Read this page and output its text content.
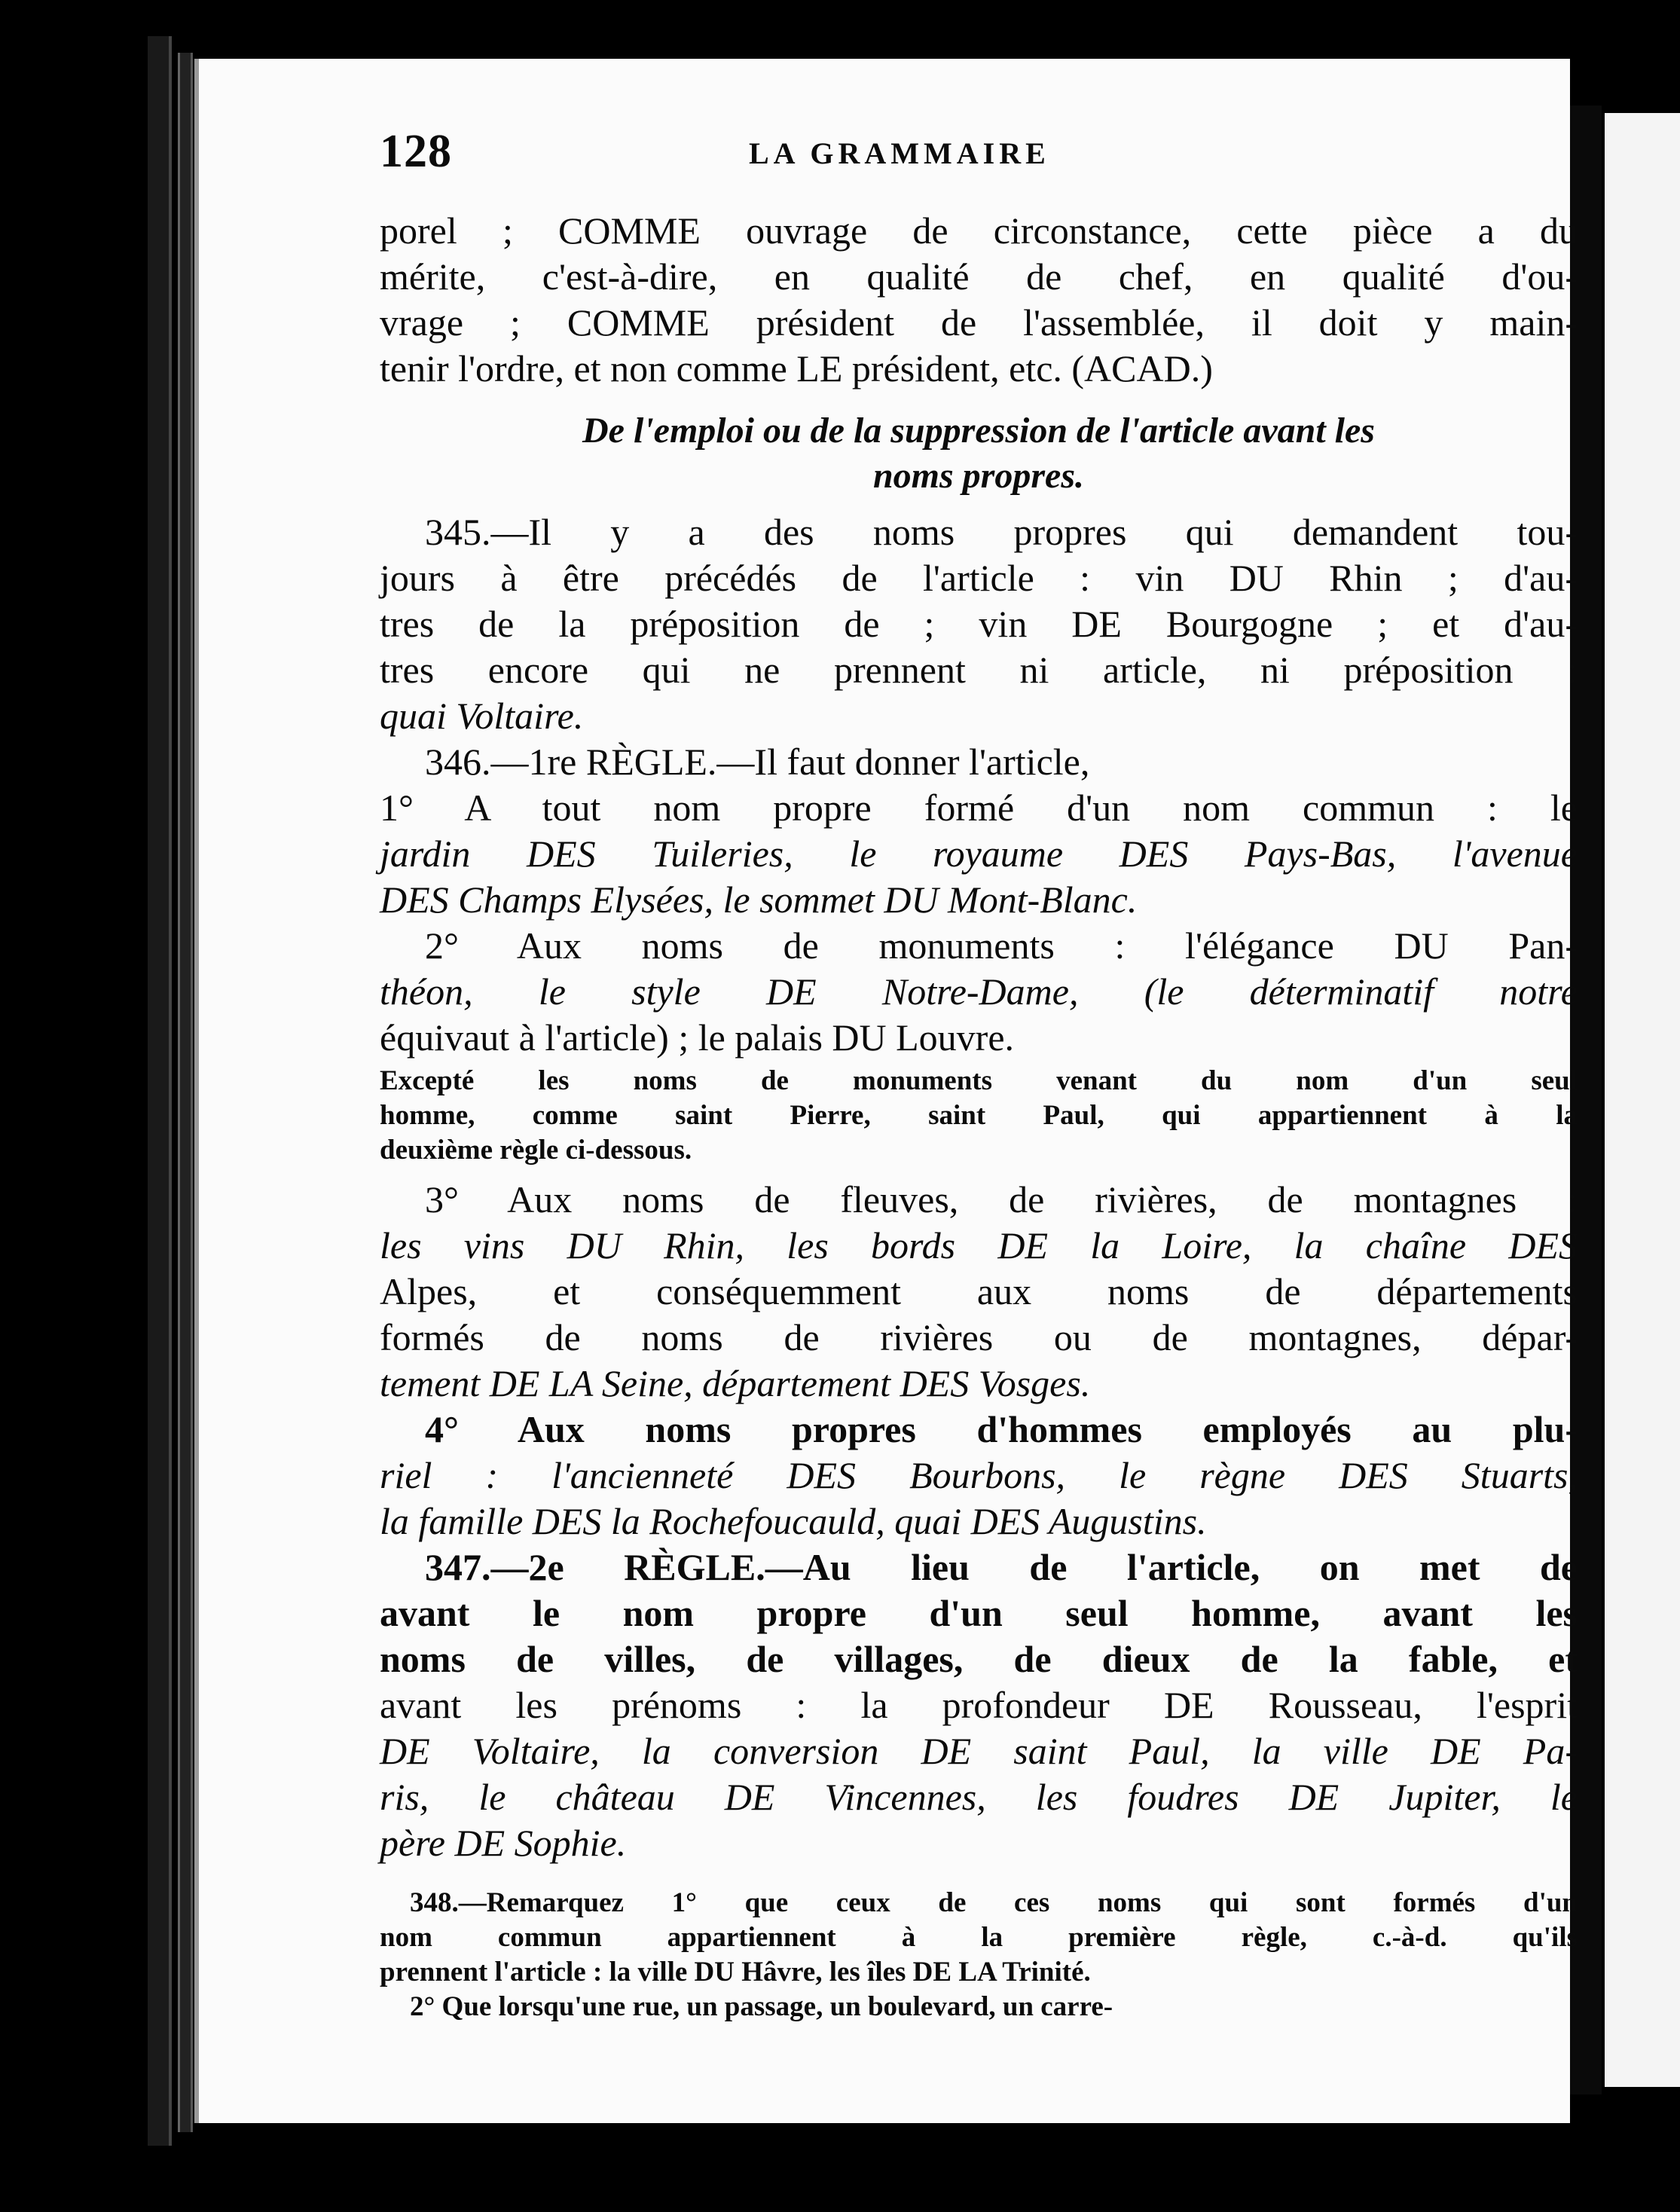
128	LA GRAMMAIRE
porel ; COMME ouvrage de circonstance, cette pièce a du
mérite, c'est-à-dire, en qualité de chef, en qualité d'ou-
vrage ; COMME président de l'assemblée, il doit y main-
tenir l'ordre, et non comme LE président, etc. (ACAD.)
De l'emploi ou de la suppression de l'article avant les
noms propres.
345.—Il y a des noms propres qui demandent tou-
jours à être précédés de l'article : vin DU Rhin ; d'au-
tres de la préposition de ; vin DE Bourgogne ; et d'au-
tres encore qui ne prennent ni article, ni préposition :
quai Voltaire.
346.—1re RÈGLE.—Il faut donner l'article,
1° A tout nom propre formé d'un nom commun : le
jardin DES Tuileries, le royaume DES Pays-Bas, l'avenue
DES Champs Elysées, le sommet DU Mont-Blanc.
2° Aux noms de monuments : l'élégance DU Pan-
théon, le style DE Notre-Dame, (le déterminatif notre
équivaut à l'article) ; le palais DU Louvre.
Excepté les noms de monuments venant du nom d'un seul
homme, comme saint Pierre, saint Paul, qui appartiennent à la
deuxième règle ci-dessous.
3° Aux noms de fleuves, de rivières, de montagnes :
les vins DU Rhin, les bords DE la Loire, la chaîne DES
Alpes, et conséquemment aux noms de départements
formés de noms de rivières ou de montagnes, dépar-
tement DE LA Seine, département DES Vosges.
4° Aux noms propres d'hommes employés au plu-
riel : l'ancienneté DES Bourbons, le règne DES Stuarts,
la famille DES la Rochefoucauld, quai DES Augustins.
347.—2e RÈGLE.—Au lieu de l'article, on met de
avant le nom propre d'un seul homme, avant les
noms de villes, de villages, de dieux de la fable, et
avant les prénoms : la profondeur DE Rousseau, l'esprit
DE Voltaire, la conversion DE saint Paul, la ville DE Pa-
ris, le château DE Vincennes, les foudres DE Jupiter, le
père DE Sophie.
348.—Remarquez 1° que ceux de ces noms qui sont formés d'un
nom commun appartiennent à la première règle, c.-à-d. qu'ils
prennent l'article : la ville DU Hâvre, les îles DE LA Trinité.
2° Que lorsqu'une rue, un passage, un boulevard, un carre-
